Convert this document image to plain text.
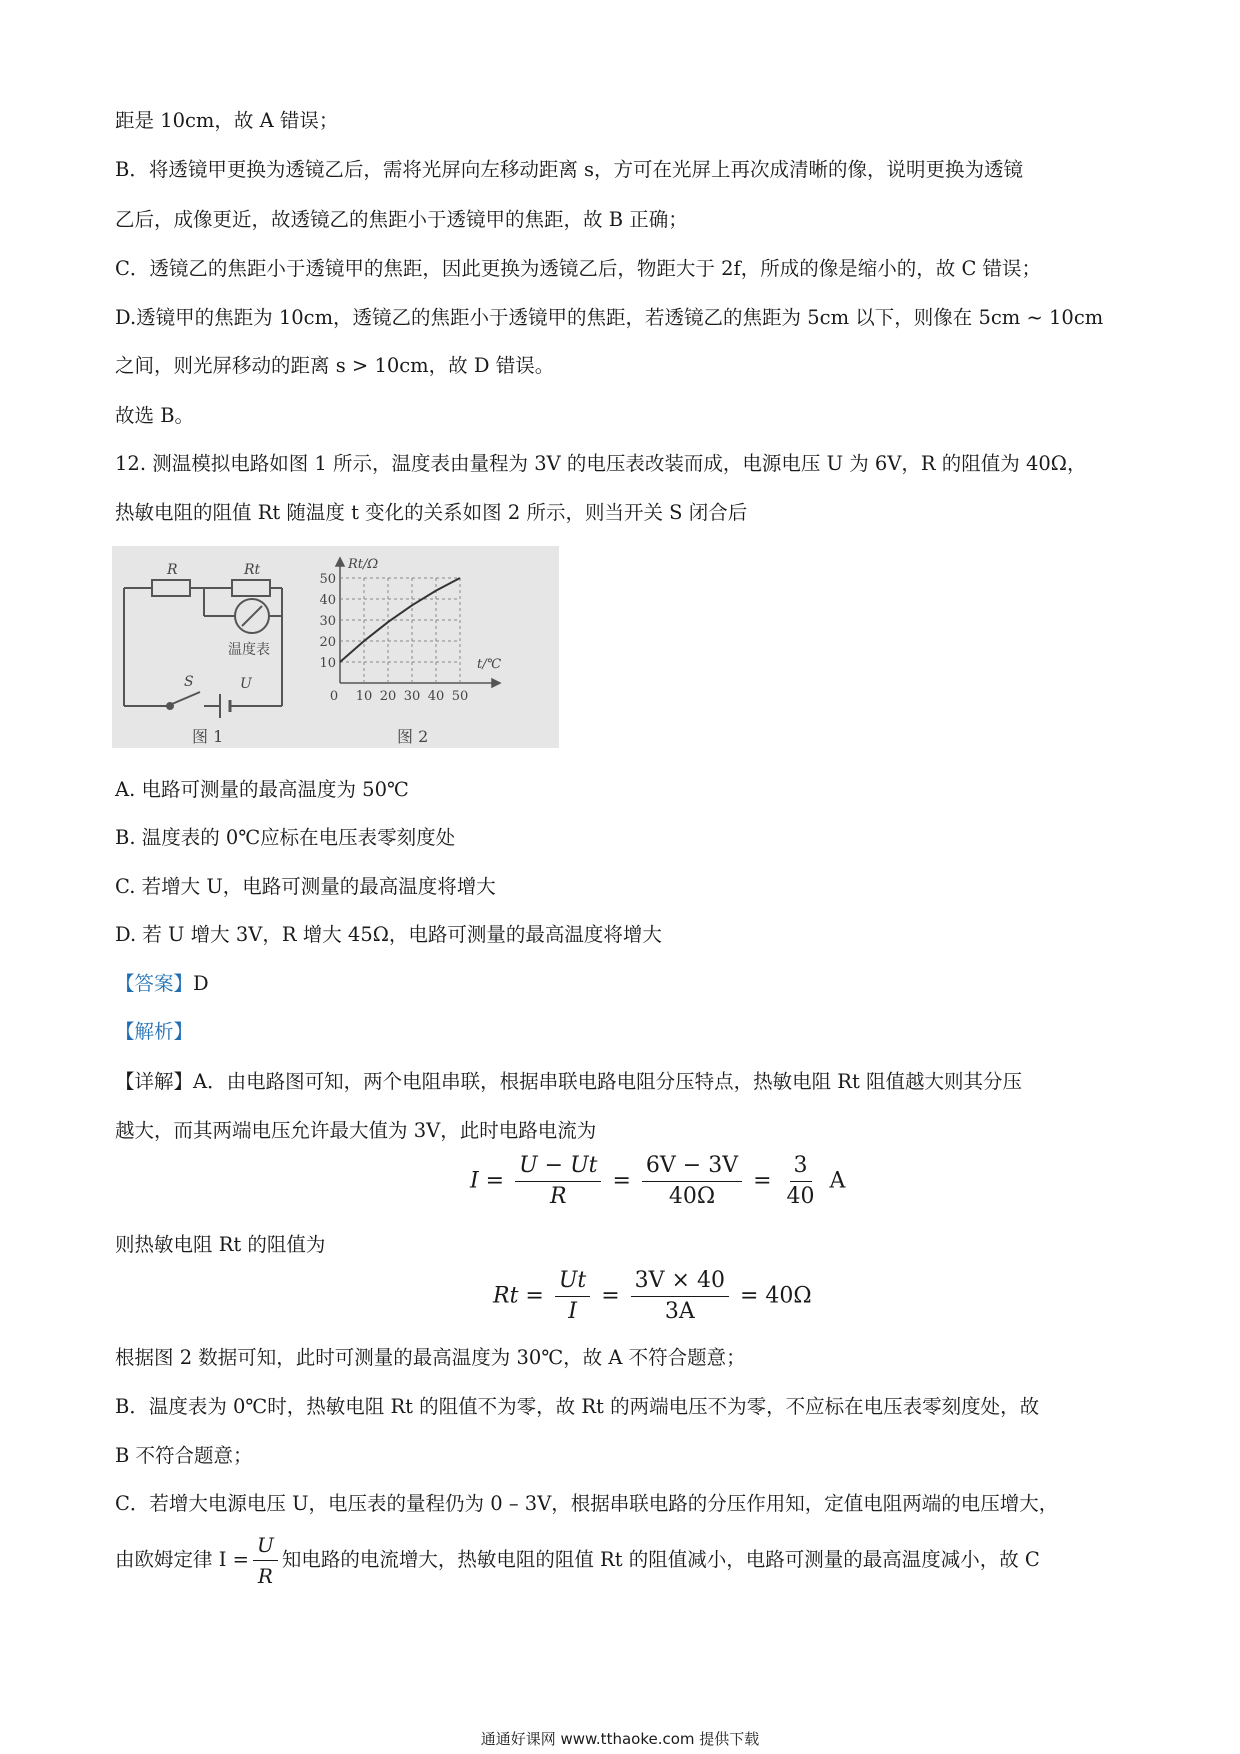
距是 10cm，故 A 错误；
B．将透镜甲更换为透镜乙后，需将光屏向左移动距离 s，方可在光屏上再次成清晰的像，说明更换为透镜
乙后，成像更近，故透镜乙的焦距小于透镜甲的焦距，故 B 正确；
C．透镜乙的焦距小于透镜甲的焦距，因此更换为透镜乙后，物距大于 2f，所成的像是缩小的，故 C 错误；
D.透镜甲的焦距为 10cm，透镜乙的焦距小于透镜甲的焦距，若透镜乙的焦距为 5cm 以下，则像在 5cm ~ 10cm
之间，则光屏移动的距离 s > 10cm，故 D 错误。
故选 B。
12. 测温模拟电路如图 1 所示，温度表由量程为 3V 的电压表改装而成，电源电压 U 为 6V，R 的阻值为 40Ω，
热敏电阻的阻值 Rt 随温度 t 变化的关系如图 2 所示，则当开关 S 闭合后
R	Rt
温度表
S	U
图 1
10
20
30
40
50
0 10 20 30 40 50
Rt/Ω
t/℃
图 2
A. 电路可测量的最高温度为 50℃
B. 温度表的 0℃应标在电压表零刻度处
C. 若增大 U，电路可测量的最高温度将增大
D. 若 U 增大 3V，R 增大 45Ω，电路可测量的最高温度将增大
【答案】D
【解析】
【详解】A．由电路图可知，两个电阻串联，根据串联电路电阻分压特点，热敏电阻 Rt 阻值越大则其分压
越大，而其两端电压允许最大值为 3V，此时电路电流为
$I = \frac{U - Ut}{R} = \frac{6V - 3V}{40\Omega} = \frac{3}{40}$ A
则热敏电阻 Rt 的阻值为
$Rt = \frac{Ut}{I} = \frac{3V \times 40}{3A} = 40\Omega$
根据图 2 数据可知，此时可测量的最高温度为 30℃，故 A 不符合题意；
B．温度表为 0℃时，热敏电阻 Rt 的阻值不为零，故 Rt 的两端电压不为零，不应标在电压表零刻度处，故
B 不符合题意；
C．若增大电源电压 U，电压表的量程仍为 0 – 3V，根据串联电路的分压作用知，定值电阻两端的电压增大，
由欧姆定律 $I = \frac{U}{R}$ 知电路的电流增大，热敏电阻的阻值 Rt 的阻值减小，电路可测量的最高温度减小，故 C
通通好课网 www.tthaoke.com 提供下载
